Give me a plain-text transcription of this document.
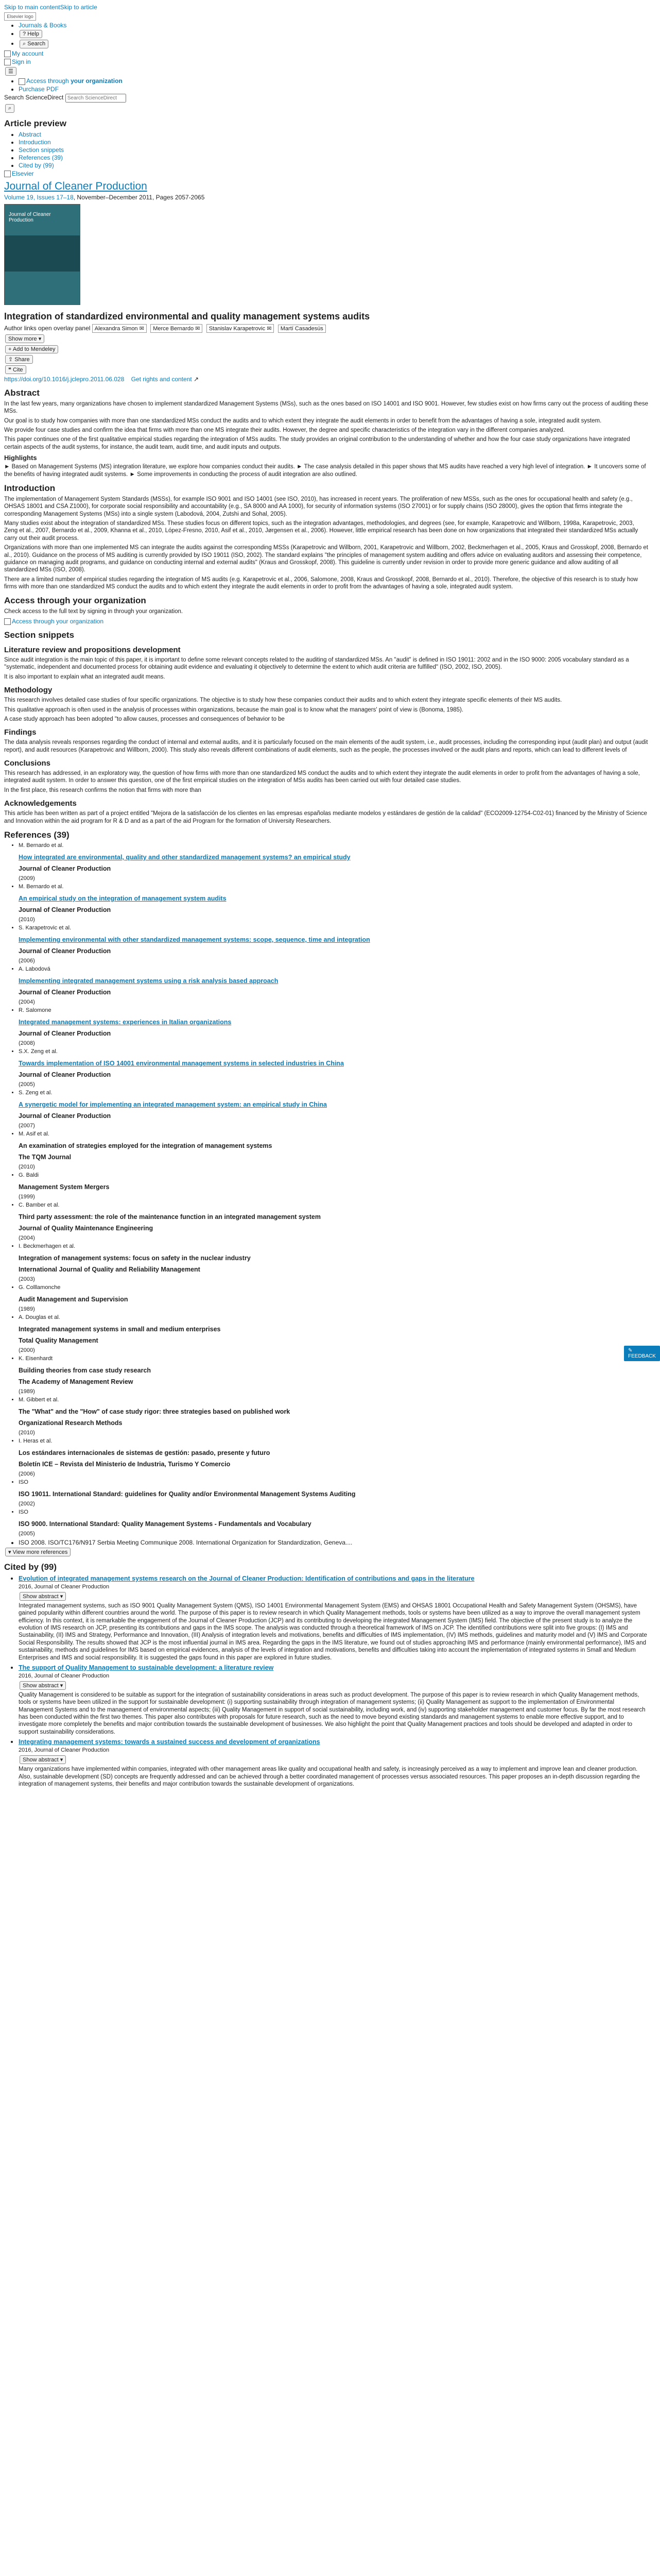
Skip to main contentSkip to article
Elsevier logo
• Journals & Books
• ? Help
• ⌕ Search
My account
Sign in
☰
• Access through your organization
• Purchase PDF
Search ScienceDirect Search ScienceDirect
⌕
Article preview
• Abstract
• Introduction
• Section snippets
• References (39)
• Cited by (99)
Elsevier
Journal of Cleaner Production
Volume 19, Issues 17–18, November–December 2011, Pages 2057-2065
Journal of Cleaner Production
Integration of standardized environmental and quality management systems audits
Author links open overlay panel Alexandra Simon ✉ Merce Bernardo ✉ Stanislav Karapetrovic ✉ Martí Casadesús
Show more ▾
+ Add to Mendeley
⇪ Share
❝ Cite
https://doi.org/10.1016/j.jclepro.2011.06.028 Get rights and content ↗
Abstract

In the last few years, many organizations have chosen to implement standardized Management Systems (MSs), such as the ones based on ISO 14001 and ISO 9001. However, few studies exist on how firms carry out the process of auditing these MSs.

Our goal is to study how companies with more than one standardized MSs conduct the audits and to which extent they integrate the audit elements in order to benefit from the advantages of having a sole, integrated audit system.

We provide four case studies and confirm the idea that firms with more than one MS integrate their audits. However, the degree and specific characteristics of the integration vary in the different companies analyzed.

This paper continues one of the first qualitative empirical studies regarding the integration of MSs audits. The study provides an original contribution to the understanding of whether and how the four case study organizations have integrated certain aspects of the audit systems, for instance, the audit team, audit time, and audit inputs and outputs.

Highlights

► Based on Management Systems (MS) integration literature, we explore how companies conduct their audits. ► The case analysis detailed in this paper shows that MS audits have reached a very high level of integration. ► It uncovers some of the benefits of having integrated audit systems. ► Some improvements in conducting the process of audit integration are also outlined.

Introduction

The implementation of Management System Standards (MSSs), for example ISO 9001 and ISO 14001 (see ISO, 2010), has increased in recent years. The proliferation of new MSSs, such as the ones for occupational health and safety (e.g., OHSAS 18001 and CSA Z1000), for corporate social responsibility and accountability (e.g., SA 8000 and AA 1000), for security of information systems (ISO 27001) or for supply chains (ISO 28000), gives the option that firms integrate the corresponding Management Systems (MSs) into a single system (Labodová, 2004, Zutshi and Sohal, 2005).

Many studies exist about the integration of standardized MSs. These studies focus on different topics, such as the integration advantages, methodologies, and degrees (see, for example, Karapetrovic and Willborn, 1998a, Karapetrovic, 2003, Zeng et al., 2007, Bernardo et al., 2009, Khanna et al., 2010, López-Fresno, 2010, Asif et al., 2010, Jørgensen et al., 2006). However, little empirical research has been done on how organizations that integrated their standardized MSs actually carry out their audit process.

Organizations with more than one implemented MS can integrate the audits against the corresponding MSSs (Karapetrovic and Willborn, 2001, Karapetrovic and Willborn, 2002, Beckmerhagen et al., 2005, Kraus and Grosskopf, 2008, Bernardo et al., 2010). Guidance on the process of MS auditing is currently provided by ISO 19011 (ISO, 2002). The standard explains "the principles of management system auditing and offers advice on evaluating auditors and assessing their competence, guidance on managing audit programs, and guidance on conducting internal and external audits" (Kraus and Grosskopf, 2008). This guideline is currently under revision in order to provide more generic guidance and allow auditing of all standardized MSs (ISO, 2008).

There are a limited number of empirical studies regarding the integration of MS audits (e.g. Karapetrovic et al., 2006, Salomone, 2008, Kraus and Grosskopf, 2008, Bernardo et al., 2010). Therefore, the objective of this research is to study how firms with more than one standardized MS conduct the audits and to which extent they integrate the audit elements in order to profit from the advantages of having a sole, integrated audit system.

Access through your organization

Check access to the full text by signing in through your organization.

Access through your organization
Section snippets
Literature review and propositions development

Since audit integration is the main topic of this paper, it is important to define some relevant concepts related to the auditing of standardized MSs. An "audit" is defined in ISO 19011: 2002 and in the ISO 9000: 2005 vocabulary standard as a "systematic, independent and documented process for obtaining audit evidence and evaluating it objectively to determine the extent to which audit criteria are fulfilled" (ISO, 2002, ISO, 2005).

It is also important to explain what an integrated audit means.

Methodology

This research involves detailed case studies of four specific organizations. The objective is to study how these companies conduct their audits and to which extent they integrate specific elements of their MS audits.

This qualitative approach is often used in the analysis of processes within organizations, because the main goal is to know what the managers' point of view is (Bonoma, 1985).

A case study approach has been adopted "to allow causes, processes and consequences of behavior to be

Findings

The data analysis reveals responses regarding the conduct of internal and external audits, and it is particularly focused on the main elements of the audit system, i.e., audit processes, including the corresponding input (audit plan) and output (audit report), and audit resources (Karapetrovic and Willborn, 2000). This study also reveals different combinations of audit elements, such as the people, the processes involved or the audit plans and reports, which can lead to different levels of

Conclusions

This research has addressed, in an exploratory way, the question of how firms with more than one standardized MS conduct the audits and to which extent they integrate the audit elements in order to profit from the advantages of having a sole, integrated audit system. In order to answer this question, one of the first empirical studies on the integration of MSs audits has been carried out with four detailed case studies.

In the first place, this research confirms the notion that firms with more than

Acknowledgements

This article has been written as part of a project entitled "Mejora de la satisfacción de los clientes en las empresas españolas mediante modelos y estándares de gestión de la calidad" (ECO2009-12754-C02-01) financed by the Ministry of Science and Innovation within the aid program for R & D and as a part of the aid Program for the formation of University Researchers.

References (39)
• M. Bernardo et al.
How integrated are environmental, quality and other standardized management systems? an empirical study
Journal of Cleaner Production
(2009)
• M. Bernardo et al.
An empirical study on the integration of management system audits
Journal of Cleaner Production
(2010)
• S. Karapetrovic et al.
Implementing environmental with other standardized management systems: scope, sequence, time and integration
Journal of Cleaner Production
(2006)
• A. Labodová
Implementing integrated management systems using a risk analysis based approach
Journal of Cleaner Production
(2004)
• R. Salomone
Integrated management systems: experiences in Italian organizations
Journal of Cleaner Production
(2008)
• S.X. Zeng et al.
Towards implementation of ISO 14001 environmental management systems in selected industries in China
Journal of Cleaner Production
(2005)
• S. Zeng et al.
A synergetic model for implementing an integrated management system: an empirical study in China
Journal of Cleaner Production
(2007)
• M. Asif et al.
An examination of strategies employed for the integration of management systems
The TQM Journal
(2010)
• G. Baldi
Management System Mergers
(1999)
• C. Bamber et al.
Third party assessment: the role of the maintenance function in an integrated management system
Journal of Quality Maintenance Engineering
(2004)
• I. Beckmerhagen et al.
Integration of management systems: focus on safety in the nuclear industry
International Journal of Quality and Reliability Management
(2003)
• G. Colllamonche
Audit Management and Supervision
(1989)
• A. Douglas et al.
Integrated management systems in small and medium enterprises
Total Quality Management
(2000)
• K. Eisenhardt
Building theories from case study research
The Academy of Management Review
(1989)
• M. Gibbert et al.
The "What" and the "How" of case study rigor: three strategies based on published work
Organizational Research Methods
(2010)
• I. Heras et al.
Los estándares internacionales de sistemas de gestión: pasado, presente y futuro
Boletín ICE – Revista del Ministerio de Industria, Turismo Y Comercio
(2006)
• ISO
ISO 19011. International Standard: guidelines for Quality and/or Environmental Management Systems Auditing
(2002)
• ISO
ISO 9000. International Standard: Quality Management Systems - Fundamentals and Vocabulary
(2005)
• ISO 2008. ISO/TC176/N917 Serbia Meeting Communique 2008. International Organization for Standardization, Geneva....
▾ View more references
Cited by (99)
• Evolution of integrated management systems research on the Journal of Cleaner Production: Identification of contributions and gaps in the literature
2016, Journal of Cleaner Production
Show abstract ▾

Integrated management systems, such as ISO 9001 Quality Management System (QMS), ISO 14001 Environmental Management System (EMS) and OHSAS 18001 Occupational Health and Safety Management System (OHSMS), have gained popularity within different countries around the world. The purpose of this paper is to review research in which Quality Management methods, tools or systems have been utilized as a way to improve the overall management system efficiency. In this context, it is remarkable the engagement of the Journal of Cleaner Production (JCP) and its contributing to developing the integrated Management System (IMS) field. The objective of the present study is to analyze the evolution of IMS research on JCP, presenting its contributions and gaps in the IMS scope. The analysis was conducted through a theoretical framework of IMS on JCP. The identified contributions were split into five groups: (I) IMS and Sustainability, (II) IMS and Strategy, Performance and Innovation, (III) Analysis of integration levels and motivations, benefits and difficulties of IMS implementation, (IV) IMS methods, guidelines and maturity model and (V) IMS and Corporate Social Responsibility. The results showed that JCP is the most influential journal in IMS area. Regarding the gaps in the IMS literature, we found out of studies approaching IMS and performance (mainly environmental performance), IMS and sustainability, methods and guidelines for IMS based on empirical evidences, analysis of the levels of integration and motivations, benefits and difficulties taking into account the implementation of integrated systems in Small and Medium Enterprises and IMS and social responsibility. It is suggested the gaps found in this paper are explored in future studies.

• The support of Quality Management to sustainable development: a literature review
2016, Journal of Cleaner Production
Show abstract ▾

Quality Management is considered to be suitable as support for the integration of sustainability considerations in areas such as product development. The purpose of this paper is to review research in which Quality Management methods, tools or systems have been utilized in the support for sustainable development: (i) supporting sustainability through integration of management systems; (ii) Quality Management as support to the implementation of Environmental Management Systems and to the management of environmental aspects; (iii) Quality Management in support of social sustainability, including work, and (iv) supporting stakeholder management and customer focus. By far the most research has been conducted within the first two themes. This paper also contributes with proposals for future research, such as the need to move beyond existing standards and management systems to enable more effective support, and to investigate more completely the benefits and major contribution towards the sustainable development of businesses. We also highlight the point that Quality Management practices and tools should be developed and adapted in order to support sustainability considerations.

• Integrating management systems: towards a sustained success and development of organizations
2016, Journal of Cleaner Production
Show abstract ▾

Many organizations have implemented within companies, integrated with other management areas like quality and occupational health and safety, is increasingly perceived as a way to implement and improve lean and cleaner production. Also, sustainable development (SD) concepts are frequently addressed and can be achieved through a better coordinated management of processes versus associated resources. This paper proposes an in-depth discussion regarding the integration of management systems, their benefits and major contribution towards the sustainable development of organizations.

✎ FEEDBACK
